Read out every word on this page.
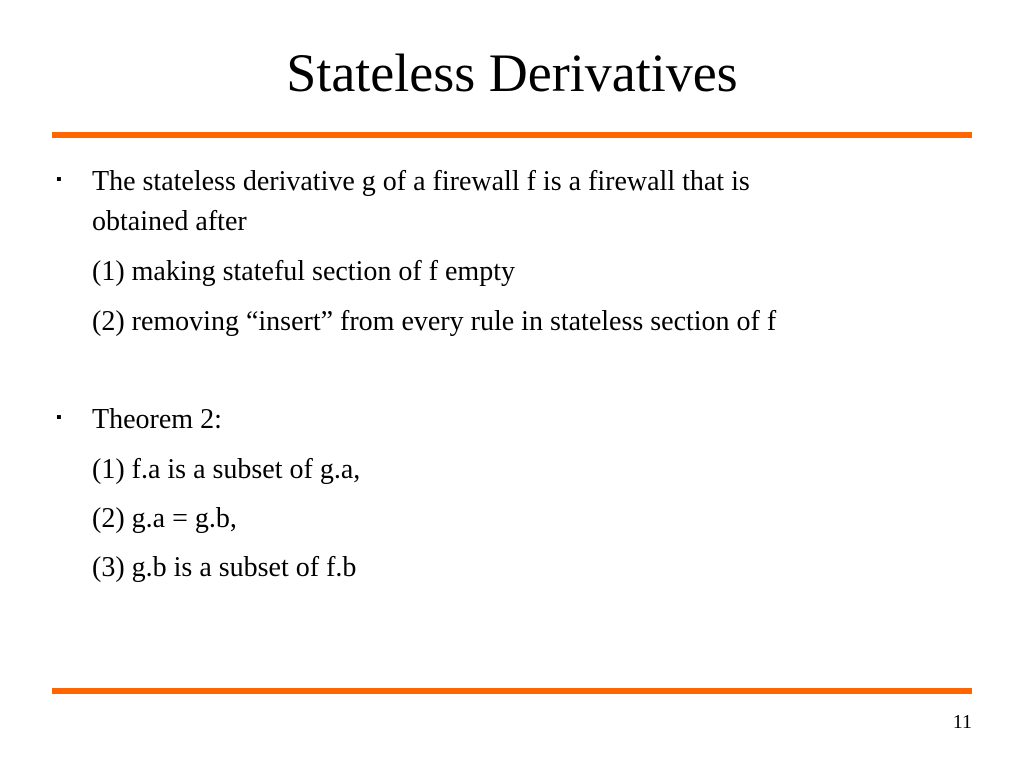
Stateless Derivatives
▪ The stateless derivative g of a firewall f is a firewall that is
obtained after
(1) making stateful section of f empty
(2) removing “insert” from every rule in stateless section of f
▪ Theorem 2:
(1) f.a is a subset of g.a,
(2) g.a = g.b,
(3) g.b is a subset of f.b
11
